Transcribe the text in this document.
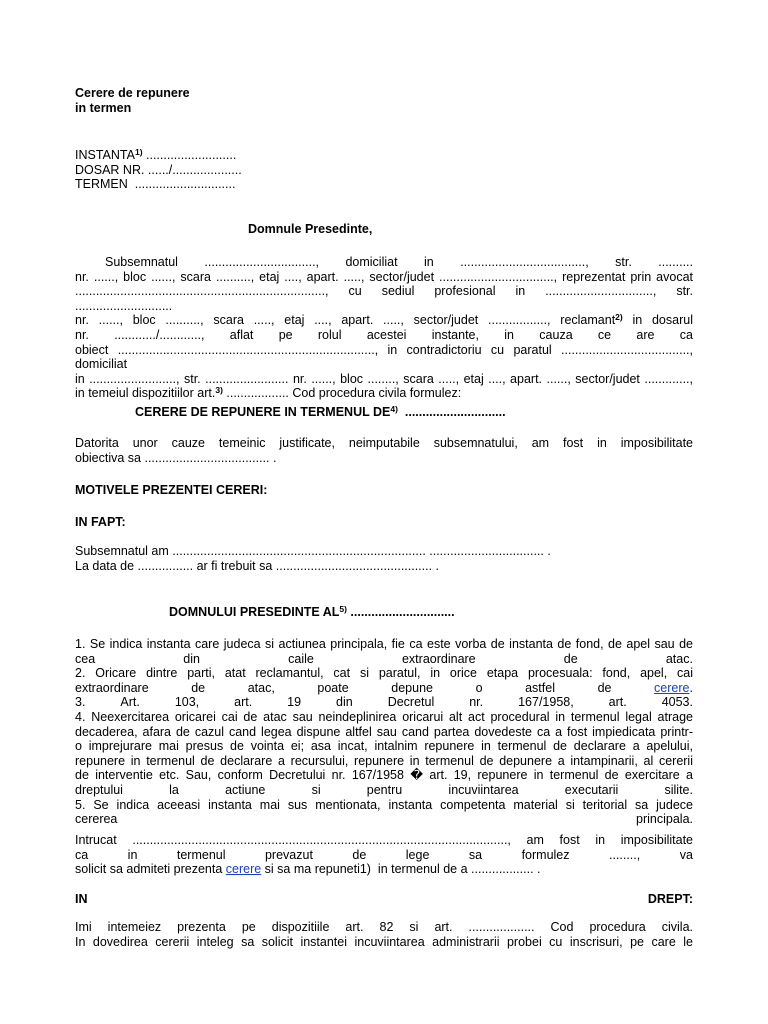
Cerere de repunere
in termen
INSTANTA$^{1)}$ ..........................
DOSAR NR. ....../....................
TERMEN  .............................
Domnule Presedinte,
Subsemnatul ................................, domiciliat in ...................................., str. ..........
nr. ......, bloc ......, scara .........., etaj ...., apart. ....., sector/judet ................................., reprezentat prin avocat
........................................................................, cu sediul profesional in ..............................., str. ............................
nr. ......, bloc .........., scara ....., etaj ...., apart. ....., sector/judet ................., reclamant$^{2)}$ in dosarul
nr. ............/............, aflat pe rolul acestei instante, in cauza ce are ca
obiect .........................................................................., in contradictoriu cu paratul ....................................., domiciliat
in ........................., str. ........................ nr. ......, bloc ........, scara ....., etaj ...., apart. ......, sector/judet .............,
in temeiul dispozitiilor art.$^{3)}$ .................. Cod procedura civila formulez:
CERERE DE REPUNERE IN TERMENUL DE$^{4)}$  .............................
Datorita unor cauze temeinic justificate, neimputabile subsemnatului, am fost in imposibilitate
obiectiva sa .................................... .
MOTIVELE PREZENTEI CERERI:
IN FAPT:
Subsemnatul am ......................................................................... ................................. .
La data de ................ ar fi trebuit sa ............................................. .
DOMNULUI PRESEDINTE AL$^{5)}$ ..............................
1. Se indica instanta care judeca si actiunea principala, fie ca este vorba de instanta de fond, de apel sau de
cea	din	caile	extraordinare	de	atac.
2. Oricare dintre parti, atat reclamantul, cat si paratul, in orice etapa procesuala: fond, apel, cai
extraordinare	de	atac,	poate	depune	o	astfel	de	cerere.
3.	Art.	103,	art.	19	din	Decretul	nr.	167/1958,	art.	4053.
4. Neexercitarea oricarei cai de atac sau neindeplinirea oricarui alt act procedural in termenul legal atrage
decaderea, afara de cazul cand legea dispune altfel sau cand partea dovedeste ca a fost impiedicata printr-
o imprejurare mai presus de vointa ei; asa incat, intalnim repunere in termenul de declarare a apelului,
repunere in termenul de declarare a recursului, repunere in termenul de depunere a intampinarii, al cererii
de interventie etc. Sau, conform Decretului nr. 167/1958 � art. 19, repunere in termenul de exercitare a
dreptului	la	actiune	si	pentru	incuviintarea	executarii	silite.
5. Se indica aceeasi instanta mai sus mentionata, instanta competenta material si teritorial sa judece
cererea	principala.
Intrucat ............................................................................................................, am fost in imposibilitate
ca	in	termenul	prevazut	de	lege	sa	formulez	........,	va
solicit sa admiteti prezenta cerere si sa ma repuneti1)  in termenul de a .................. .
IN	DREPT:
Imi intemeiez prezenta pe dispozitiile art. 82 si art. ................... Cod procedura civila.
In dovedirea cererii inteleg sa solicit instantei incuviintarea administrarii probei cu inscrisuri, pe care le
